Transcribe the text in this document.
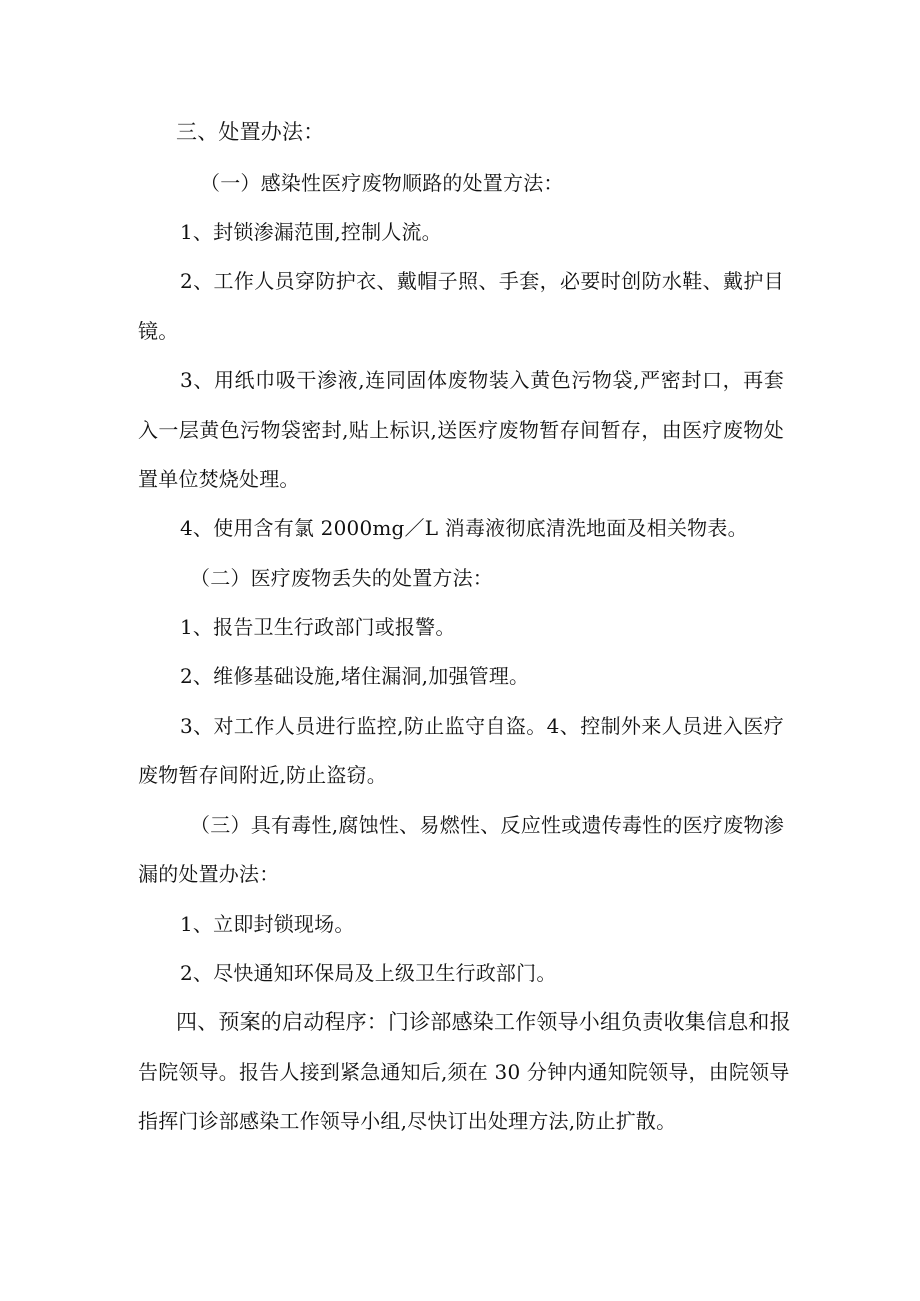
三、处置办法：
（一）感染性医疗废物顺路的处置方法：
1、封锁渗漏范围,控制人流。
2、工作人员穿防护衣、戴帽子照、手套，必要时创防水鞋、戴护目
镜。
3、用纸巾吸干渗液,连同固体废物装入黄色污物袋,严密封口，再套
入一层黄色污物袋密封,贴上标识,送医疗废物暂存间暂存，由医疗废物处
置单位焚烧处理。
4、使用含有氯 2000mg／L 消毒液彻底清洗地面及相关物表。
（二）医疗废物丢失的处置方法：
1、报告卫生行政部门或报警。
2、维修基础设施,堵住漏洞,加强管理。
3、对工作人员进行监控,防止监守自盗。4、控制外来人员进入医疗
废物暂存间附近,防止盗窃。
（三）具有毒性,腐蚀性、易燃性、反应性或遗传毒性的医疗废物渗
漏的处置办法：
1、立即封锁现场。
2、尽快通知环保局及上级卫生行政部门。
四、预案的启动程序：门诊部感染工作领导小组负责收集信息和报
告院领导。报告人接到紧急通知后,须在 30 分钟内通知院领导，由院领导
指挥门诊部感染工作领导小组,尽快订出处理方法,防止扩散。
